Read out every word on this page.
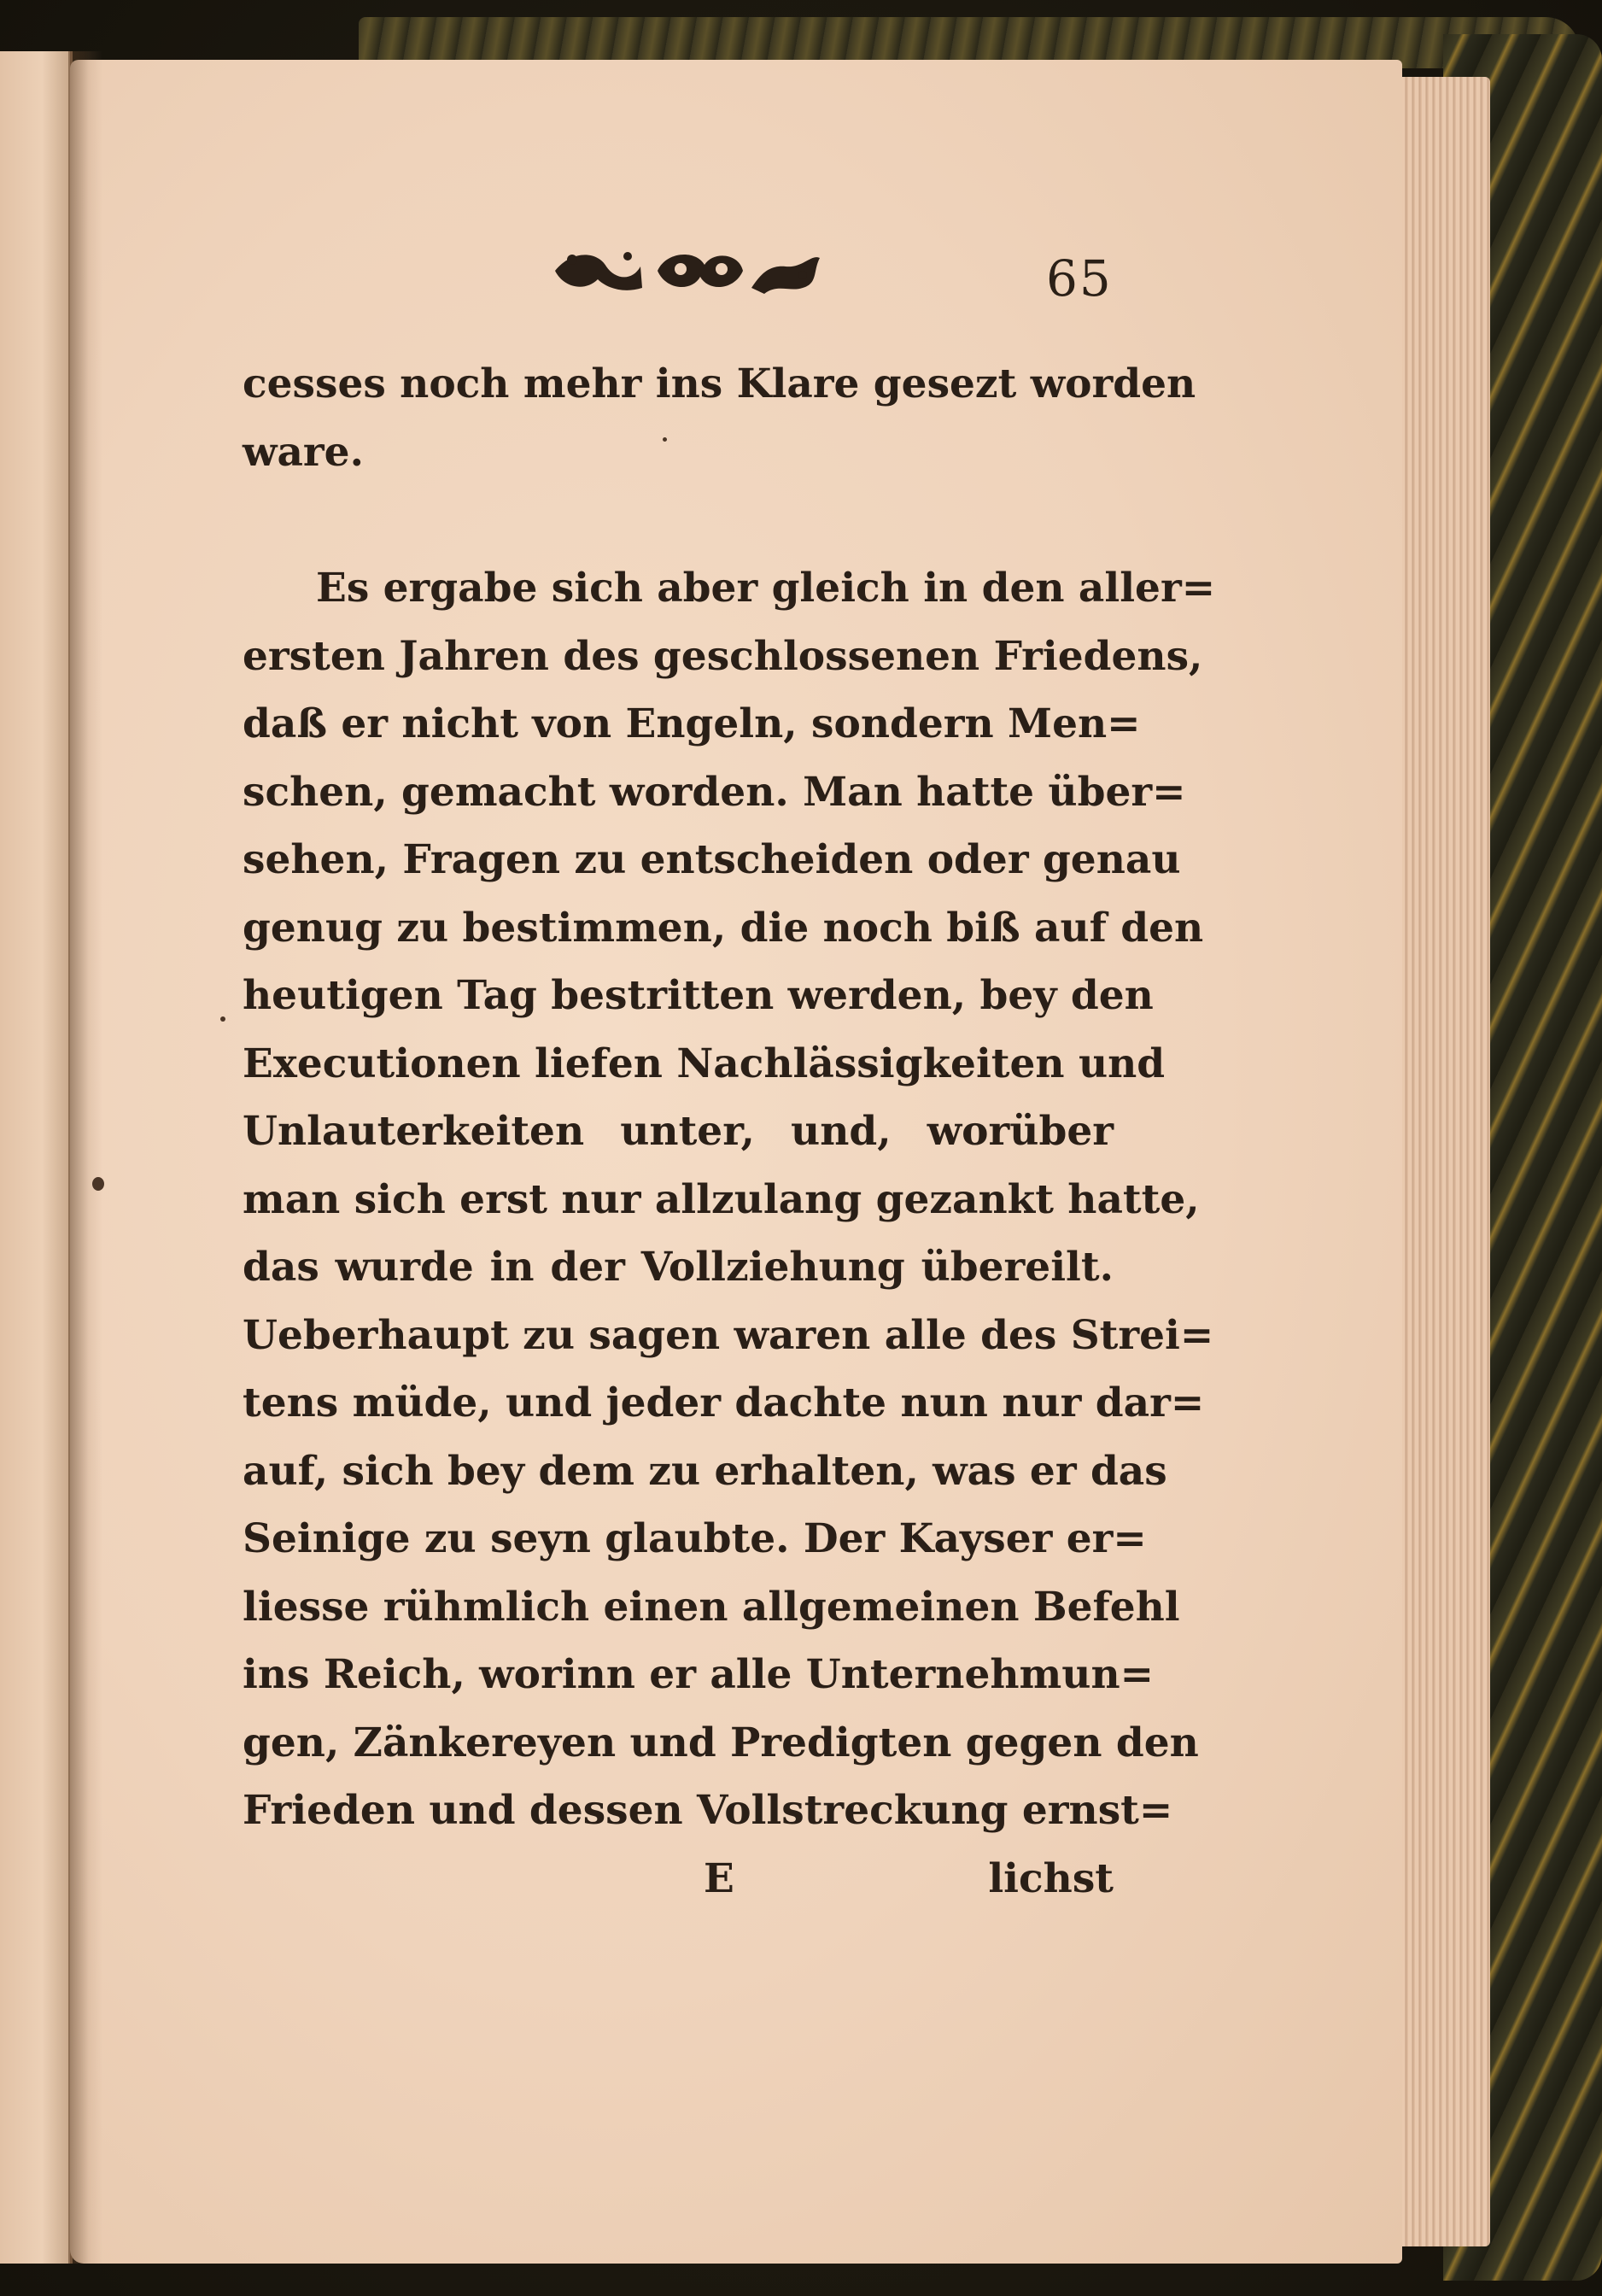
65
cesses noch mehr ins Klare gesezt worden
ware.
Es ergabe sich aber gleich in den aller=
ersten Jahren des geschlossenen Friedens,
daß er nicht von Engeln, sondern Men=
schen, gemacht worden. Man hatte über=
sehen, Fragen zu entscheiden oder genau
genug zu bestimmen, die noch biß auf den
heutigen Tag bestritten werden, bey den
Executionen liefen Nachlässigkeiten und
Unlauterkeiten unter, und, worüber
man sich erst nur allzulang gezankt hatte,
das wurde in der Vollziehung übereilt.
Ueberhaupt zu sagen waren alle des Strei=
tens müde, und jeder dachte nun nur dar=
auf, sich bey dem zu erhalten, was er das
Seinige zu seyn glaubte. Der Kayser er=
liesse rühmlich einen allgemeinen Befehl
ins Reich, worinn er alle Unternehmun=
gen, Zänkereyen und Predigten gegen den
Frieden und dessen Vollstreckung ernst=
E	lichst
